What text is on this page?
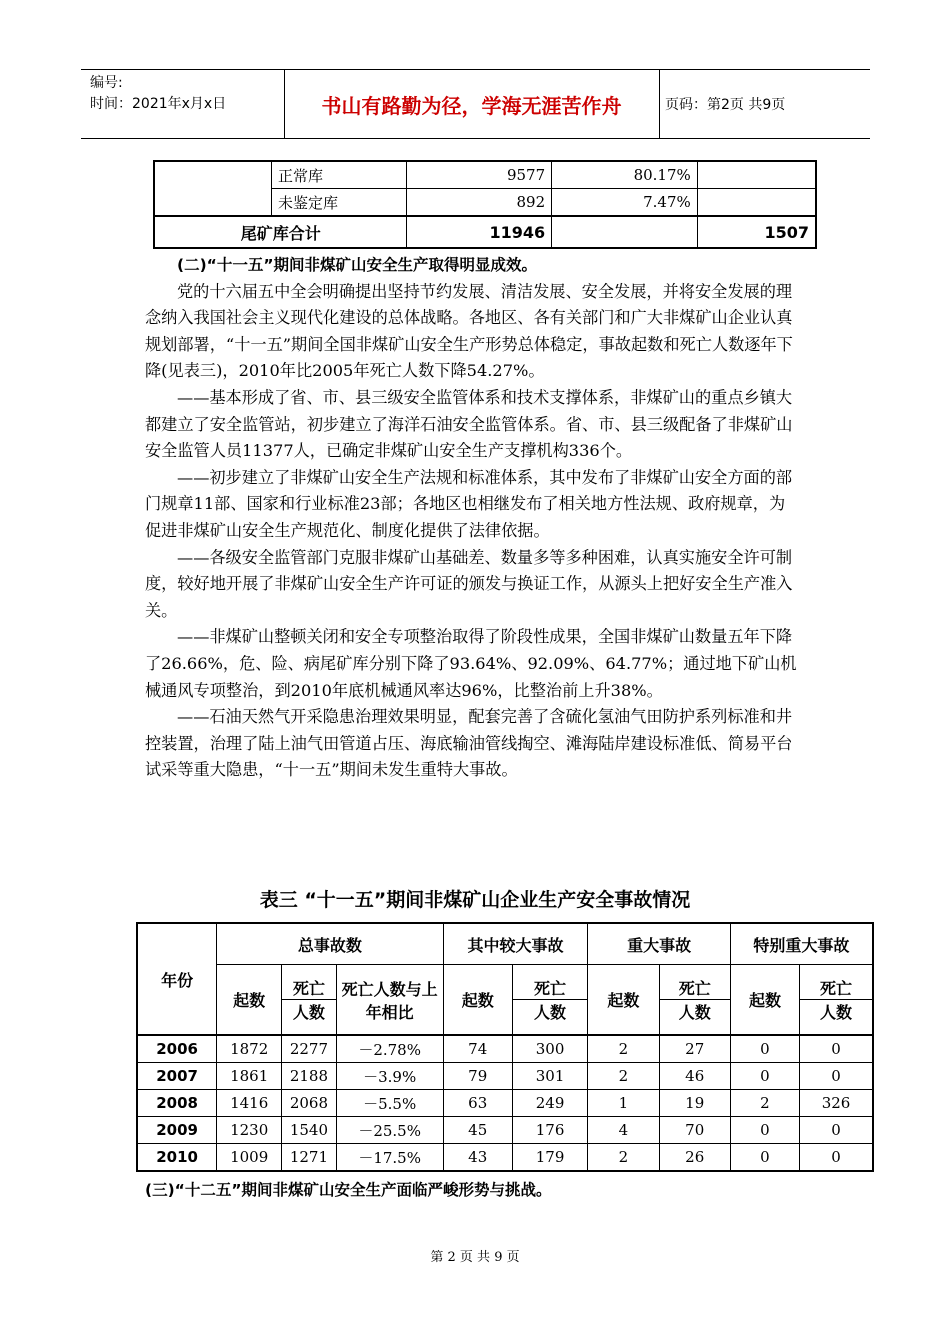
编号:
时间：2021年x月x日	书山有路勤为径，学海无涯苦作舟	页码：第2页 共9页
	正常库	9577	80.17%	
	未鉴定库	892	7.47%	
尾矿库合计		11946		1507

(二)“十一五”期间非煤矿山安全生产取得明显成效。

党的十六届五中全会明确提出坚持节约发展、清洁发展、安全发展，并将安全发展的理念纳入我国社会主义现代化建设的总体战略。各地区、各有关部门和广大非煤矿山企业认真规划部署，“十一五”期间全国非煤矿山安全生产形势总体稳定，事故起数和死亡人数逐年下降(见表三)，2010年比2005年死亡人数下降54.27%。

——基本形成了省、市、县三级安全监管体系和技术支撑体系，非煤矿山的重点乡镇大都建立了安全监管站，初步建立了海洋石油安全监管体系。省、市、县三级配备了非煤矿山安全监管人员11377人，已确定非煤矿山安全生产支撑机构336个。

——初步建立了非煤矿山安全生产法规和标准体系，其中发布了非煤矿山安全方面的部门规章11部、国家和行业标准23部；各地区也相继发布了相关地方性法规、政府规章，为促进非煤矿山安全生产规范化、制度化提供了法律依据。

——各级安全监管部门克服非煤矿山基础差、数量多等多种困难，认真实施安全许可制度，较好地开展了非煤矿山安全生产许可证的颁发与换证工作，从源头上把好安全生产准入关。

——非煤矿山整顿关闭和安全专项整治取得了阶段性成果，全国非煤矿山数量五年下降了26.66%，危、险、病尾矿库分别下降了93.64%、92.09%、64.77%；通过地下矿山机械通风专项整治，到2010年底机械通风率达96%，比整治前上升38%。

——石油天然气开采隐患治理效果明显，配套完善了含硫化氢油气田防护系列标准和井控装置，治理了陆上油气田管道占压、海底输油管线掏空、滩海陆岸建设标准低、简易平台试采等重大隐患，“十一五”期间未发生重特大事故。

表三 “十一五”期间非煤矿山企业生产安全事故情况
年份	总事故数			其中较大事故		重大事故		特别重大事故	
	起数	死亡	死亡人数与上年相比	起数	死亡	起数	死亡	起数	死亡
		人数			人数		人数		人数
2006	1872	2277	－2.78%	74	300	2	27	0	0
2007	1861	2188	－3.9%	79	301	2	46	0	0
2008	1416	2068	－5.5%	63	249	1	19	2	326
2009	1230	1540	－25.5%	45	176	4	70	0	0
2010	1009	1271	－17.5%	43	179	2	26	0	0
(三)“十二五”期间非煤矿山安全生产面临严峻形势与挑战。
第 2 页 共 9 页
